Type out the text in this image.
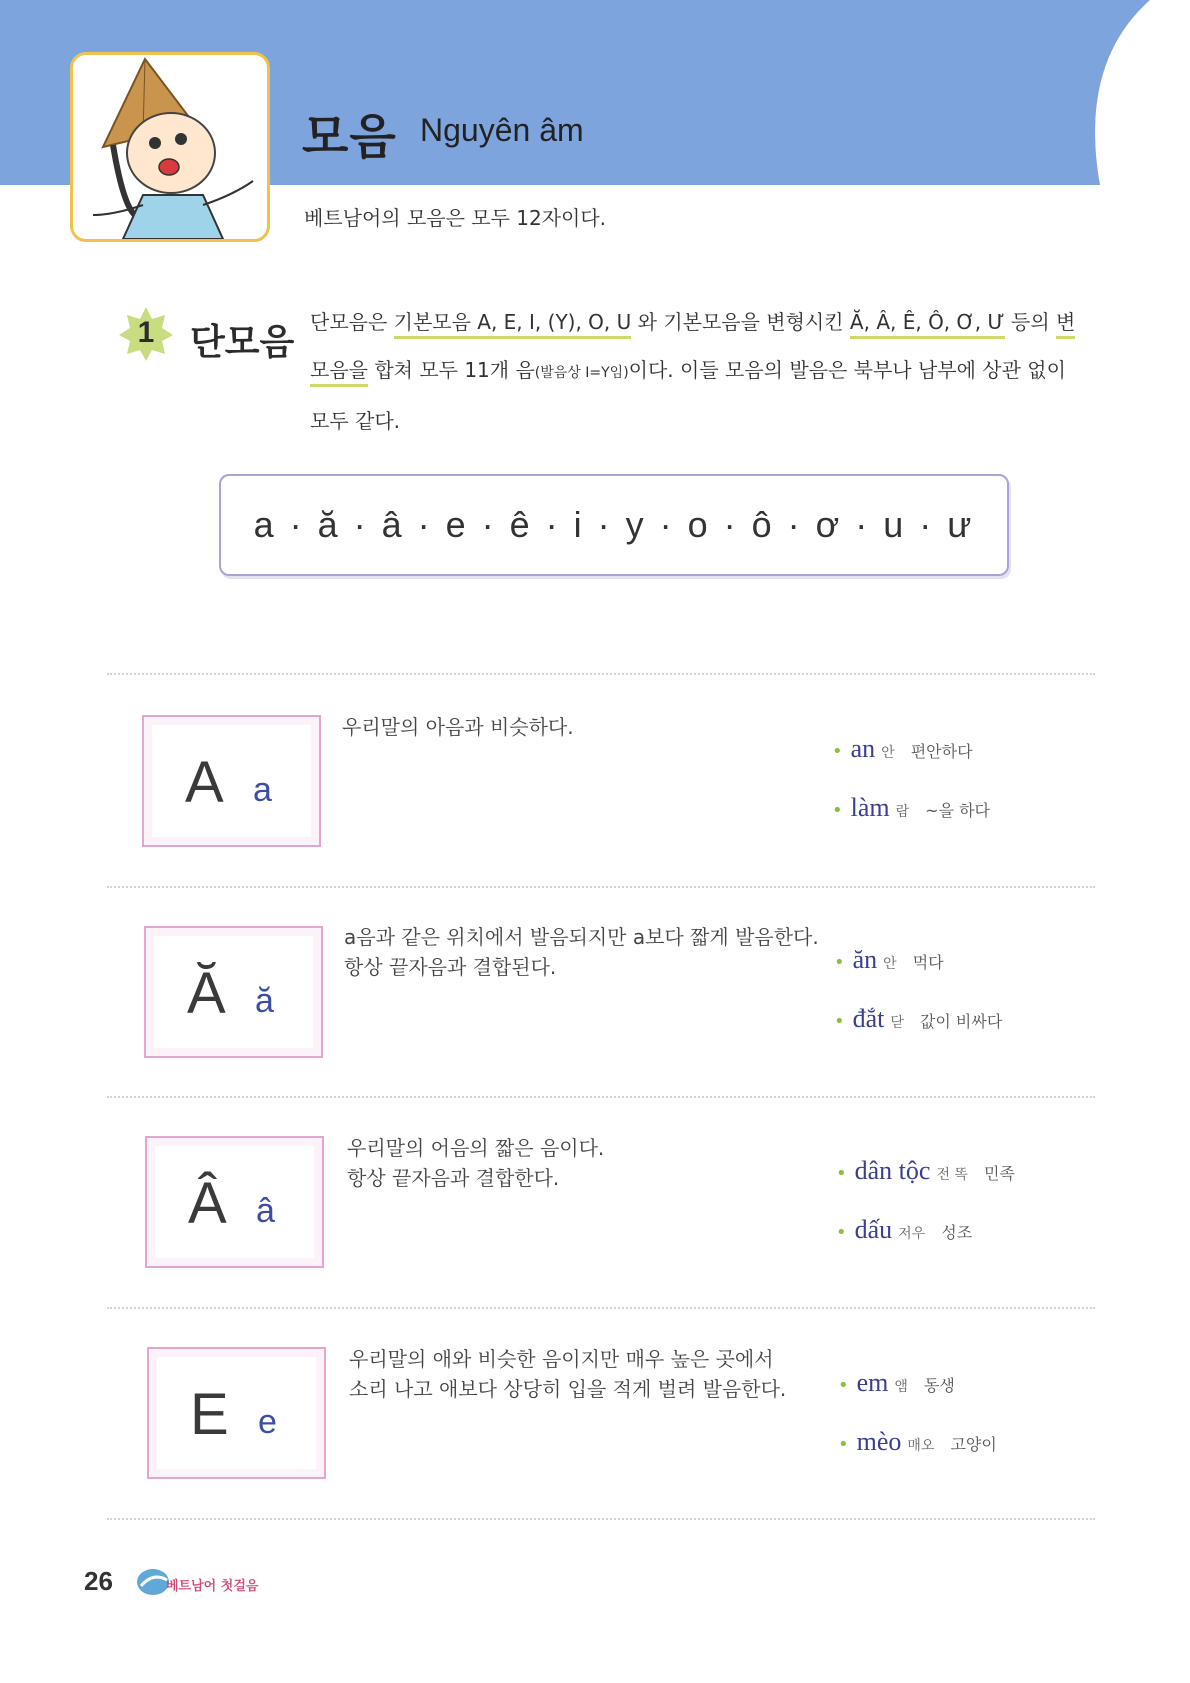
모음 Nguyên âm
베트남어의 모음은 모두 12자이다.
1 단모음 단모음은 기본모음 A, E, I, (Y), O, U 와 기본모음을 변형시킨 Ă, Â, Ê, Ô, Ơ, Ư 등의 변모음을 합쳐 모두 11개 음(발음상 I=Y임)이다. 이들 모음의 발음은 북부나 남부에 상관 없이 모두 같다.
a · ă · â · e · ê · i · y · o · ô · ơ · u · ư
A a
우리말의 아음과 비슷하다.
• an 안 편안하다
• làm 람 ~을 하다
Ă ă
a음과 같은 위치에서 발음되지만 a보다 짧게 발음한다.
항상 끝자음과 결합된다.	• ăn 안 먹다
• đắt 닫 값이 비싸다
Â â
우리말의 어음의 짧은 음이다.
항상 끝자음과 결합한다.	• dân tộc 전 똑 민족
• dấu 저우 성조
E e
우리말의 애와 비슷한 음이지만 매우 높은 곳에서
소리 나고 애보다 상당히 입을 적게 벌려 발음한다.	• em 앰 동생
• mèo 매오 고양이
26	베트남어 첫걸음
